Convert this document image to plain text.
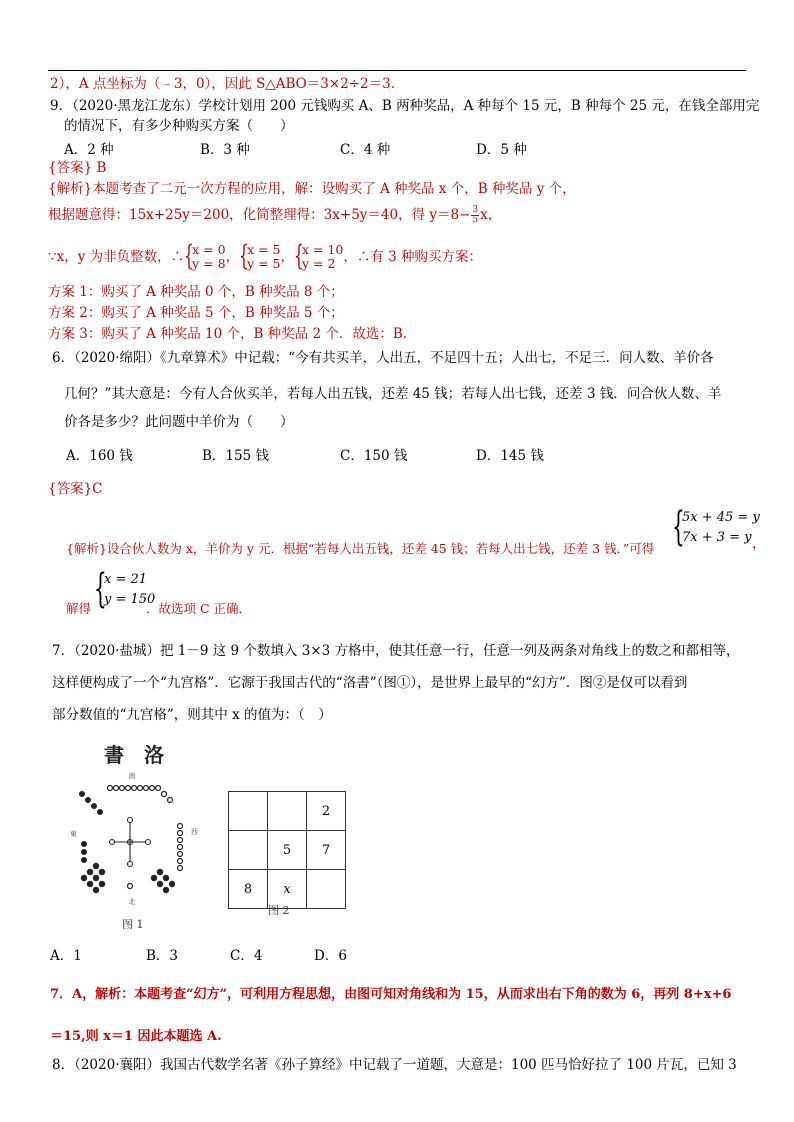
2），A 点坐标为（﹣3，0），因此 S△ABO＝3×2÷2＝3.
9．（2020·黑龙江龙东）学校计划用 200 元钱购买 A、B 两种奖品，A 种每个 15 元，B 种每个 25 元，在钱全部用完
的情况下，有多少种购买方案（　　）
A．2 种	B．3 种	C．4 种	D．5 种
{答案} B
{解析}本题考查了二元一次方程的应用，解：设购买了 A 种奖品 x 个，B 种奖品 y 个，
根据题意得：15x+25y＝200，化简整理得：3x+5y＝40，得 $y=8- \frac{3}{5}$ x，
∵x，y 为非负整数，∴ {
x = 0
y = 8 ， {
x = 5
y = 5 ， {
x = 10
y = 2 ，∴有 3 种购买方案：
方案 1：购买了 A 种奖品 0 个，B 种奖品 8 个；
方案 2：购买了 A 种奖品 5 个，B 种奖品 5 个；
方案 3：购买了 A 种奖品 10 个，B 种奖品 2 个．故选：B.
6．（2020·绵阳）《九章算术》中记载：“今有共买羊，人出五，不足四十五；人出七，不足三．问人数、羊价各
几何？”其大意是：今有人合伙买羊，若每人出五钱，还差 45 钱；若每人出七钱，还差 3 钱．问合伙人数、羊
价各是多少？此问题中羊价为（　　）
A．160 钱	B．155 钱	C．150 钱	D．145 钱
{答案}C
{解析}设合伙人数为 x，羊价为 y 元．根据“若每人出五钱，还差 45 钱；若每人出七钱，还差 3 钱．”可得 {
5x + 45 = y
7x + 3 = y ，
解得 {
x = 21
y = 150
．故选项 C 正确．
7．（2020·盐城）把 1－9 这 9 个数填入 3×3 方格中，使其任意一行，任意一列及两条对角线上的数之和都相等，
这样便构成了一个“九宫格”．它源于我国古代的“洛書”（图①），是世界上最早的“幻方”．图②是仅可以看到
部分数值的“九宫格”，则其中 x 的值为：（　）
書　洛
南
西
東
北
图 1
		2
	5	7
8	x	
图 2
A．1	B．3	C．4	D．6
7．A，解析：本题考查“幻方”，可利用方程思想，由图可知对角线和为 15，从而求出右下角的数为 6，再列 8+x+6
＝15,则 x＝1 因此本题选 A.
8．（2020·襄阳）我国古代数学名著《孙子算经》中记载了一道题，大意是：100 匹马恰好拉了 100 片瓦，已知 3
